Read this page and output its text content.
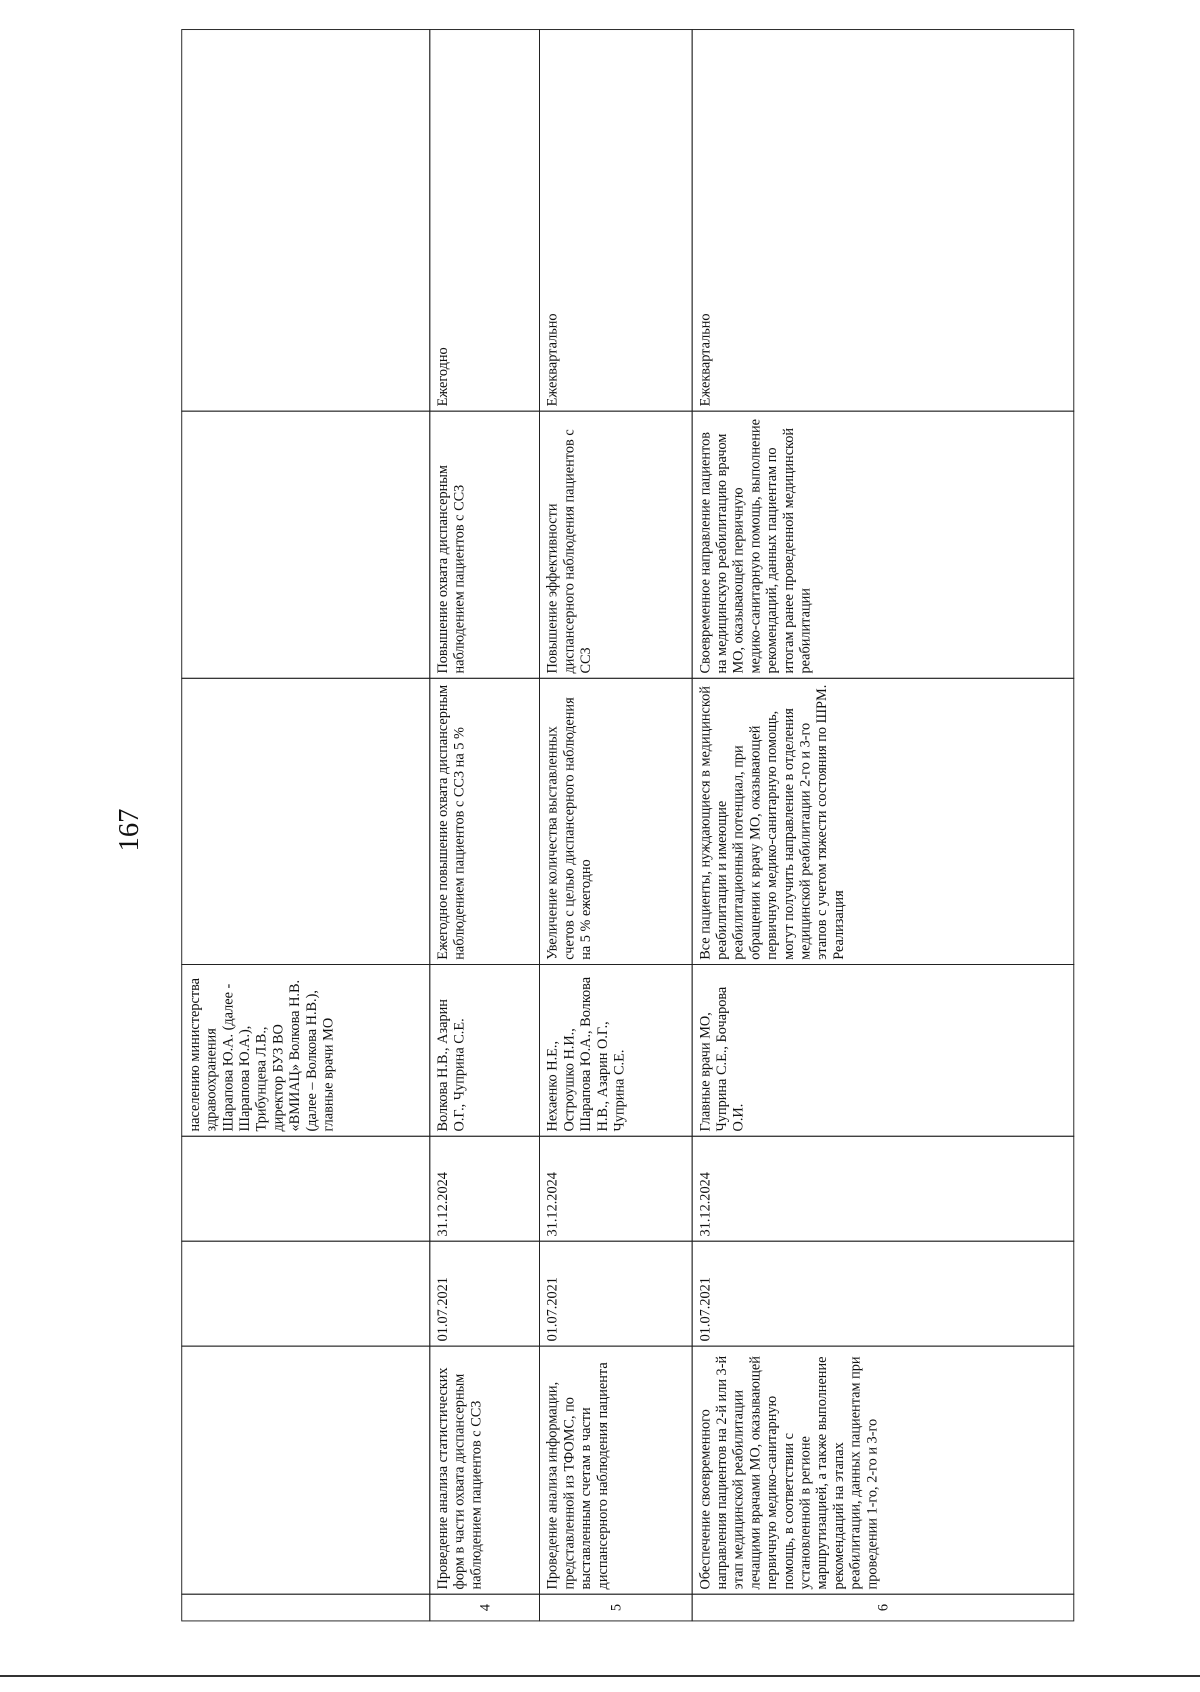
167
населению министерстваздравоохраненияШарапова Ю.А. (далее -Шарапова Ю.А.),Трибунцева Л.В.,директор БУЗ ВО«ВМИАЦ» Волкова Н.В.(далее – Волкова Н.В.),главные врачи МО
4
Проведение анализа статистическихформ в части охвата диспансернымнаблюдением пациентов с ССЗ
01.07.2021
31.12.2024
Волкова Н.В., АзаринО.Г., Чуприна С.Е.
Ежегодное повышение охвата диспансернымнаблюдением пациентов с ССЗ на 5 %
Повышение охвата диспансернымнаблюдением пациентов с ССЗ
Ежегодно
5
Проведение анализа информации,представленной из ТФОМС, повыставленным счетам в частидиспансерного наблюдения пациента
01.07.2021
31.12.2024
Нехаенко Н.Е.,Остроушко Н.И.,Шарапова Ю.А., ВолковаН.В., Азарин О.Г.,Чуприна С.Е.
Увеличение количества выставленныхсчетов с целью диспансерного наблюденияна 5 % ежегодно
Повышение эффективностидиспансерного наблюдения пациентов сССЗ
Ежеквартально
6
Обеспечение своевременногонаправления пациентов на 2-й или 3-йэтап медицинской реабилитациилечащими врачами МО, оказывающейпервичную медико-санитарнуюпомощь, в соответствии сустановленной в регионемаршрутизацией, а также выполнениерекомендаций на этапахреабилитации, данных пациентам припроведении 1-го, 2-го и 3-го
01.07.2021
31.12.2024
Главные врачи МО,Чуприна С.Е., БочароваО.И.
Все пациенты, нуждающиеся в медицинскойреабилитации и имеющиереабилитационный потенциал, приобращении к врачу МО, оказывающейпервичную медико-санитарную помощь,могут получить направление в отделениямедицинской реабилитации 2-го и 3-гоэтапов с учетом тяжести состояния по ШРМ.Реализация
Своевременное направление пациентовна медицинскую реабилитацию врачомМО, оказывающей первичнуюмедико-санитарную помощь, выполнениерекомендаций, данных пациентам поитогам ранее проведенной медицинскойреабилитации
Ежеквартально
